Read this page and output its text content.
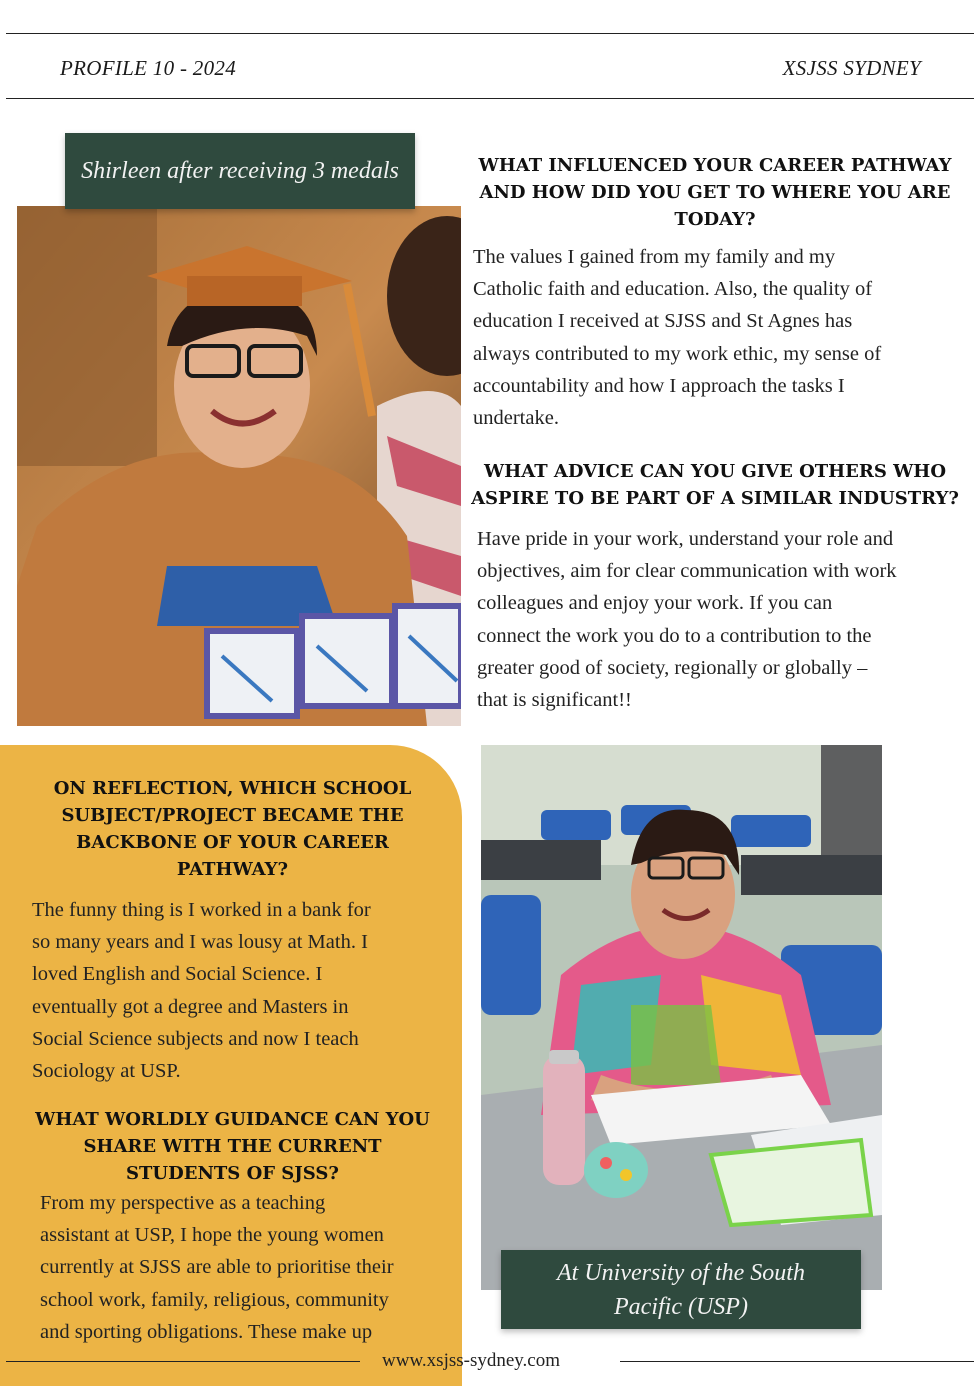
PROFILE 10 - 2024	XSJSS SYDNEY
Shirleen after receiving 3 medals	WHAT INFLUENCED YOUR CAREER PATHWAY AND HOW DID YOU GET TO WHERE YOU ARE TODAY?
The values I gained from my family and my
Catholic faith and education. Also, the quality of
education I received at SJSS and St Agnes has
always contributed to my work ethic, my sense of
accountability and how I approach the tasks I
undertake.
WHAT ADVICE CAN YOU GIVE OTHERS WHO
ASPIRE TO BE PART OF A SIMILAR INDUSTRY?
Have pride in your work, understand your role and
objectives, aim for clear communication with work
colleagues and enjoy your work. If you can
connect the work you do to a contribution to the
greater good of society, regionally or globally –
that is significant!!
ON REFLECTION, WHICH SCHOOL
SUBJECT/PROJECT BECAME THE
BACKBONE OF YOUR CAREER
PATHWAY?
The funny thing is I worked in a bank for
so many years and I was lousy at Math. I
loved English and Social Science. I
eventually got a degree and Masters in
Social Science subjects and now I teach
Sociology at USP.
WHAT WORLDLY GUIDANCE CAN YOU
SHARE WITH THE CURRENT
STUDENTS OF SJSS?
From my perspective as a teaching
assistant at USP, I hope the young women
currently at SJSS are able to prioritise their
school work, family, religious, community
and sporting obligations. These make up
At University of the South
Pacific (USP)
www.xsjss-sydney.com
